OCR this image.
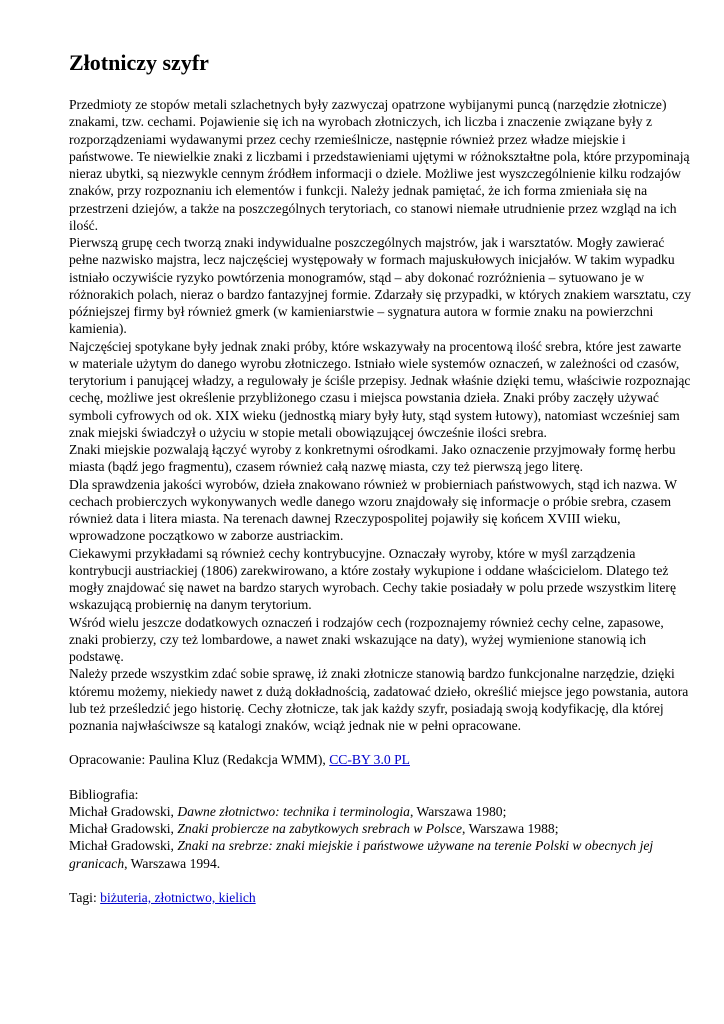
Złotniczy szyfr

Przedmioty ze stopów metali szlachetnych były zazwyczaj opatrzone wybijanymi puncą (narzędzie złotnicze) znakami, tzw. cechami. Pojawienie się ich na wyrobach złotniczych, ich liczba i znaczenie związane były z rozporządzeniami wydawanymi przez cechy rzemieślnicze, następnie również przez władze miejskie i państwowe. Te niewielkie znaki z liczbami i przedstawieniami ujętymi w różnokształtne pola, które przypominają nieraz ubytki, są niezwykle cennym źródłem informacji o dziele. Możliwe jest wyszczególnienie kilku rodzajów znaków, przy rozpoznaniu ich elementów i funkcji. Należy jednak pamiętać, że ich forma zmieniała się na przestrzeni dziejów, a także na poszczególnych terytoriach, co stanowi niemałe utrudnienie przez wzgląd na ich ilość.

Pierwszą grupę cech tworzą znaki indywidualne poszczególnych majstrów, jak i warsztatów. Mogły zawierać pełne nazwisko majstra, lecz najczęściej występowały w formach majuskułowych inicjałów. W takim wypadku istniało oczywiście ryzyko powtórzenia monogramów, stąd – aby dokonać rozróżnienia – sytuowano je w różnorakich polach, nieraz o bardzo fantazyjnej formie. Zdarzały się przypadki, w których znakiem warsztatu, czy późniejszej firmy był również gmerk (w kamieniarstwie – sygnatura autora w formie znaku na powierzchni kamienia).

Najczęściej spotykane były jednak znaki próby, które wskazywały na procentową ilość srebra, które jest zawarte w materiale użytym do danego wyrobu złotniczego. Istniało wiele systemów oznaczeń, w zależności od czasów, terytorium i panującej władzy, a regulowały je ściśle przepisy. Jednak właśnie dzięki temu, właściwie rozpoznając cechę, możliwe jest określenie przybliżonego czasu i miejsca powstania dzieła. Znaki próby zaczęły używać symboli cyfrowych od ok. XIX wieku (jednostką miary były łuty, stąd system łutowy), natomiast wcześniej sam znak miejski świadczył o użyciu w stopie metali obowiązującej ówcześnie ilości srebra.

Znaki miejskie pozwalają łączyć wyroby z konkretnymi ośrodkami. Jako oznaczenie przyjmowały formę herbu miasta (bądź jego fragmentu), czasem również całą nazwę miasta, czy też pierwszą jego literę.

Dla sprawdzenia jakości wyrobów, dzieła znakowano również w probierniach państwowych, stąd ich nazwa. W cechach probierczych wykonywanych wedle danego wzoru znajdowały się informacje o próbie srebra, czasem również data i litera miasta. Na terenach dawnej Rzeczypospolitej pojawiły się końcem XVIII wieku, wprowadzone początkowo w zaborze austriackim.

Ciekawymi przykładami są również cechy kontrybucyjne. Oznaczały wyroby, które w myśl zarządzenia kontrybucji austriackiej (1806) zarekwirowano, a które zostały wykupione i oddane właścicielom. Dlatego też mogły znajdować się nawet na bardzo starych wyrobach. Cechy takie posiadały w polu przede wszystkim literę wskazującą probiernię na danym terytorium.

Wśród wielu jeszcze dodatkowych oznaczeń i rodzajów cech (rozpoznajemy również cechy celne, zapasowe, znaki probierzy, czy też lombardowe, a nawet znaki wskazujące na daty), wyżej wymienione stanowią ich podstawę.

Należy przede wszystkim zdać sobie sprawę, iż znaki złotnicze stanowią bardzo funkcjonalne narzędzie, dzięki któremu możemy, niekiedy nawet z dużą dokładnością, zadatować dzieło, określić miejsce jego powstania, autora lub też prześledzić jego historię. Cechy złotnicze, tak jak każdy szyfr, posiadają swoją kodyfikację, dla której poznania najwłaściwsze są katalogi znaków, wciąż jednak nie w pełni opracowane.

Opracowanie: Paulina Kluz (Redakcja WMM), CC-BY 3.0 PL

Bibliografia:

Michał Gradowski, Dawne złotnictwo: technika i terminologia, Warszawa 1980;

Michał Gradowski, Znaki probiercze na zabytkowych srebrach w Polsce, Warszawa 1988;

Michał Gradowski, Znaki na srebrze: znaki miejskie i państwowe używane na terenie Polski w obecnych jej granicach, Warszawa 1994.

Tagi: biżuteria, złotnictwo, kielich
